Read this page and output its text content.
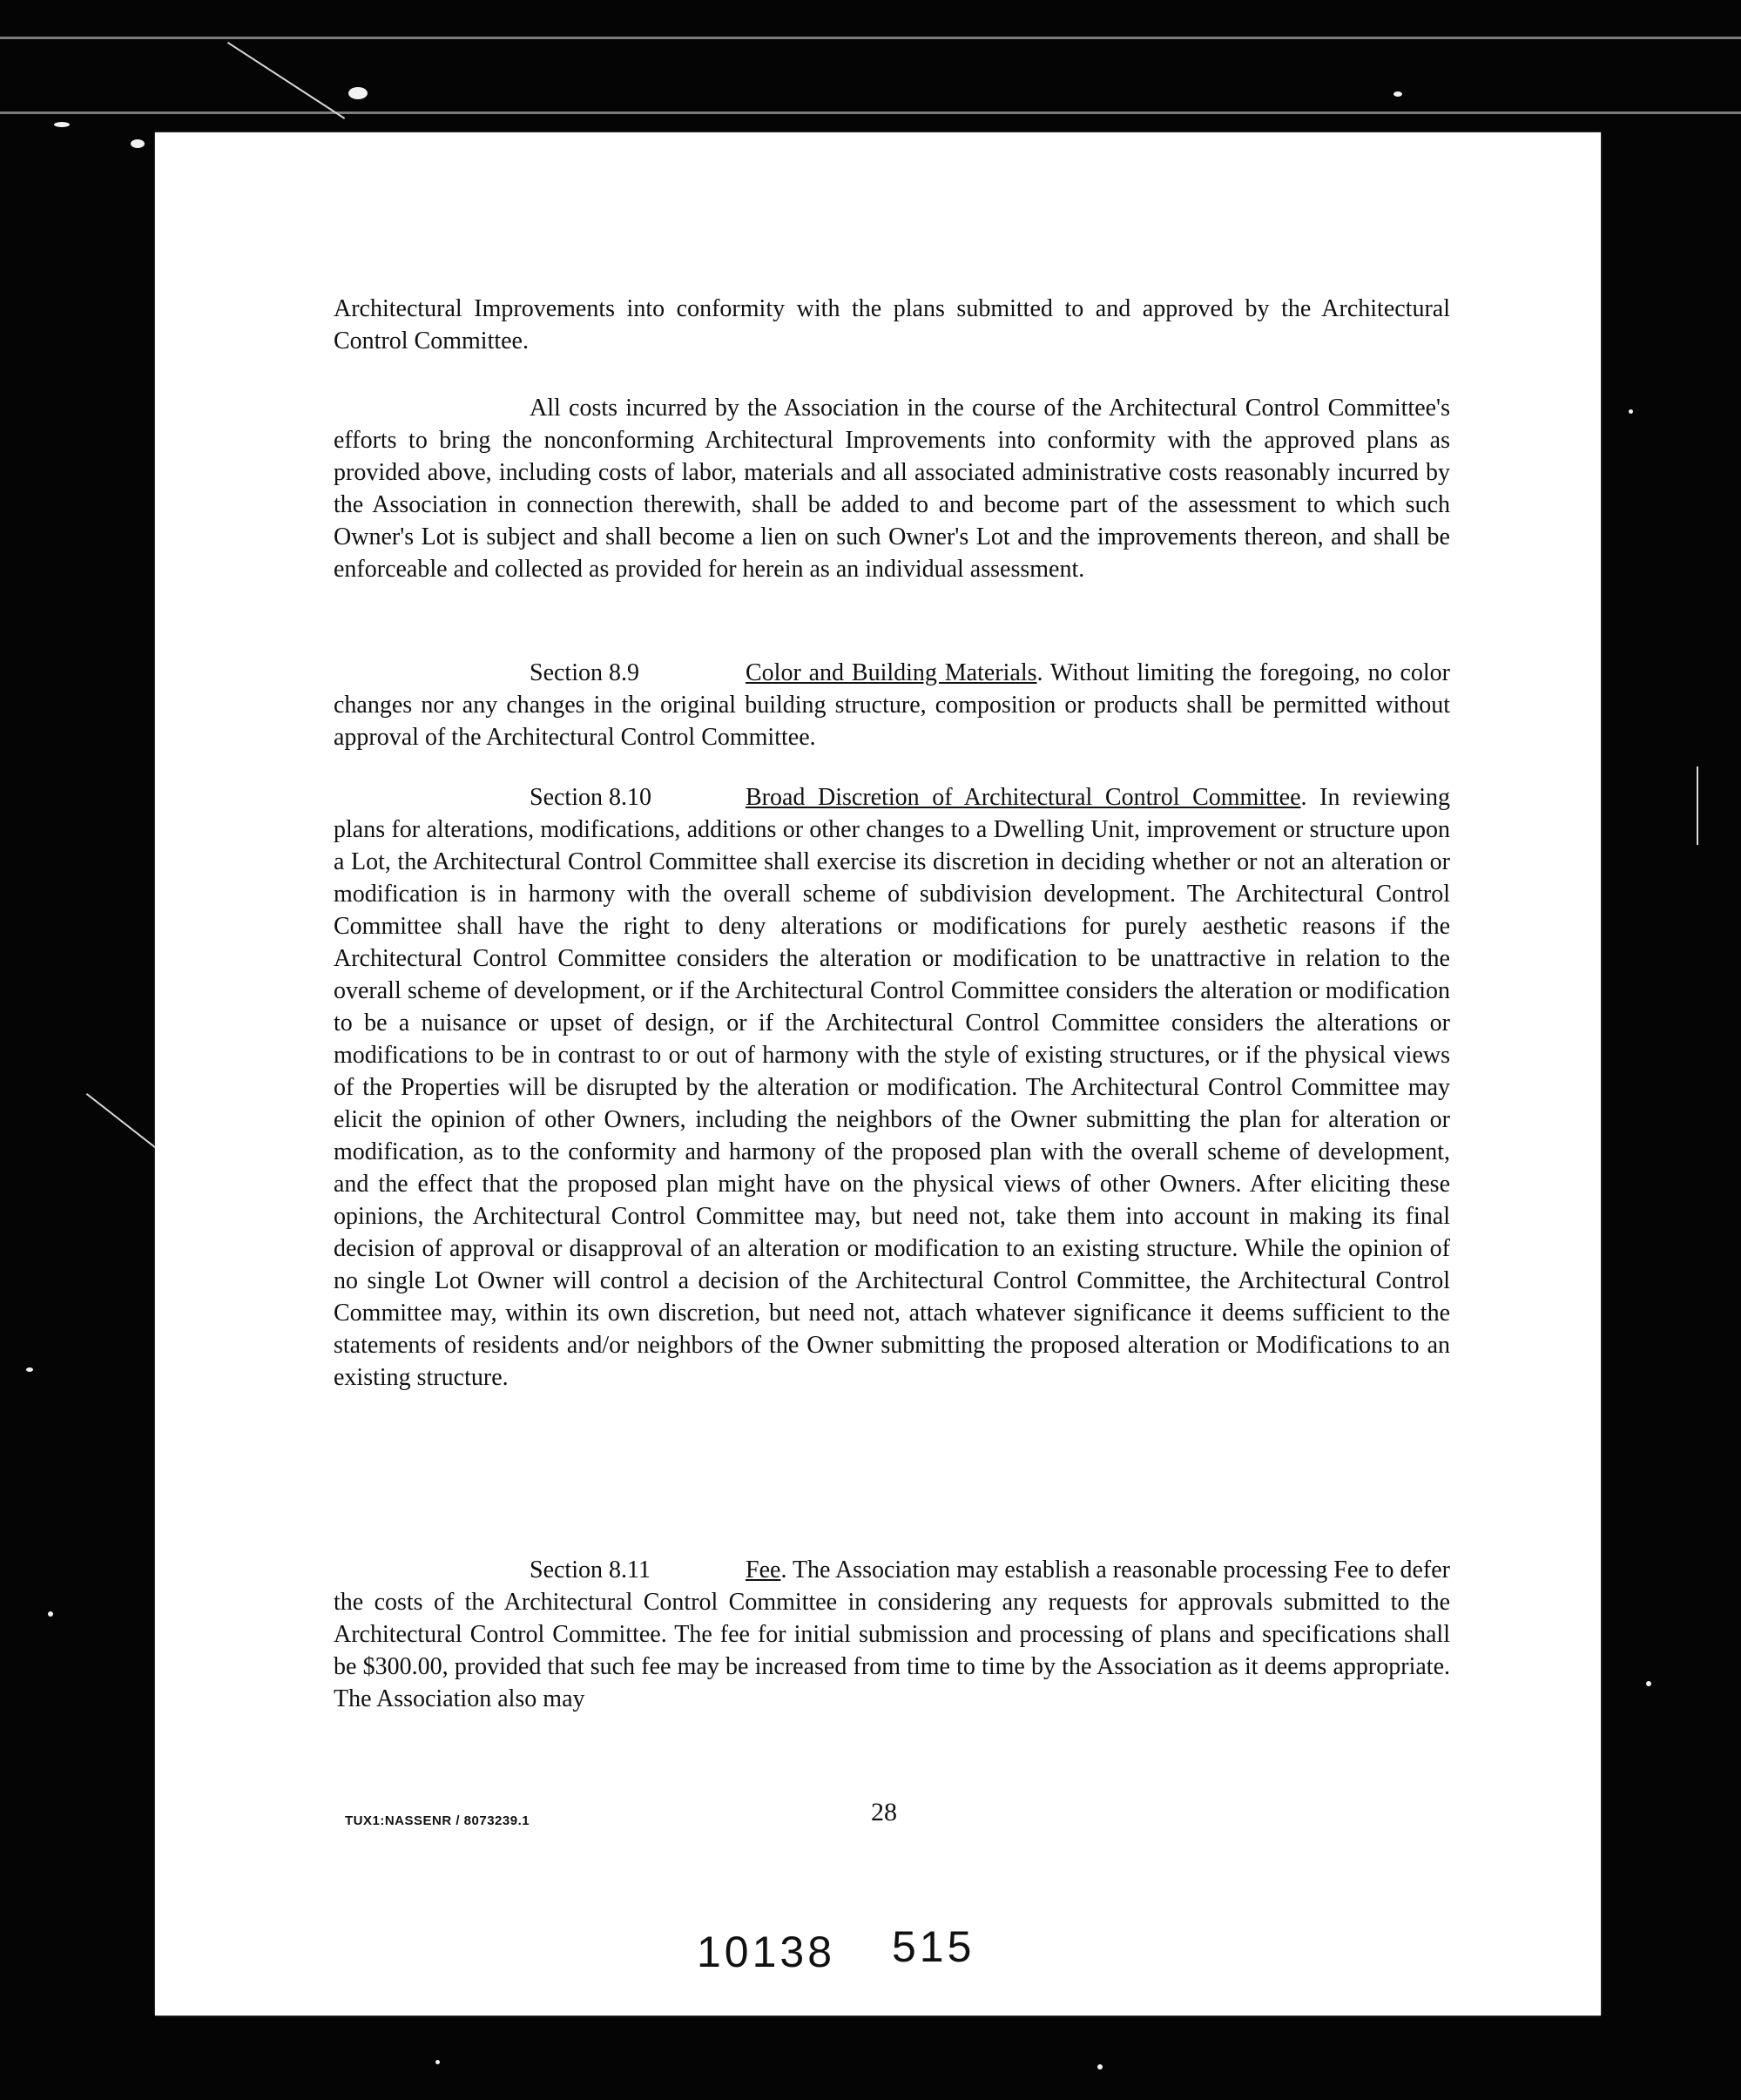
Architectural Improvements into conformity with the plans submitted to and approved by the Architectural Control Committee.

All costs incurred by the Association in the course of the Architectural Control Committee's efforts to bring the nonconforming Architectural Improvements into conformity with the approved plans as provided above, including costs of labor, materials and all associated administrative costs reasonably incurred by the Association in connection therewith, shall be added to and become part of the assessment to which such Owner's Lot is subject and shall become a lien on such Owner's Lot and the improvements thereon, and shall be enforceable and collected as provided for herein as an individual assessment.

Section 8.9	Color and Building Materials. Without limiting the foregoing, no color changes nor any changes in the original building structure, composition or products shall be permitted without approval of the Architectural Control Committee.

Section 8.10	Broad Discretion of Architectural Control Committee. In reviewing plans for alterations, modifications, additions or other changes to a Dwelling Unit, improvement or structure upon a Lot, the Architectural Control Committee shall exercise its discretion in deciding whether or not an alteration or modification is in harmony with the overall scheme of subdivision development. The Architectural Control Committee shall have the right to deny alterations or modifications for purely aesthetic reasons if the Architectural Control Committee considers the alteration or modification to be unattractive in relation to the overall scheme of development, or if the Architectural Control Committee considers the alteration or modification to be a nuisance or upset of design, or if the Architectural Control Committee considers the alterations or modifications to be in contrast to or out of harmony with the style of existing structures, or if the physical views of the Properties will be disrupted by the alteration or modification. The Architectural Control Committee may elicit the opinion of other Owners, including the neighbors of the Owner submitting the plan for alteration or modification, as to the conformity and harmony of the proposed plan with the overall scheme of development, and the effect that the proposed plan might have on the physical views of other Owners. After eliciting these opinions, the Architectural Control Committee may, but need not, take them into account in making its final decision of approval or disapproval of an alteration or modification to an existing structure. While the opinion of no single Lot Owner will control a decision of the Architectural Control Committee, the Architectural Control Committee may, within its own discretion, but need not, attach whatever significance it deems sufficient to the statements of residents and/or neighbors of the Owner submitting the proposed alteration or Modifications to an existing structure.

Section 8.11	Fee. The Association may establish a reasonable processing Fee to defer the costs of the Architectural Control Committee in considering any requests for approvals submitted to the Architectural Control Committee. The fee for initial submission and processing of plans and specifications shall be $300.00, provided that such fee may be increased from time to time by the Association as it deems appropriate. The Association also may

TUX1:NASSENR / 8073239.1	28
10138 515
